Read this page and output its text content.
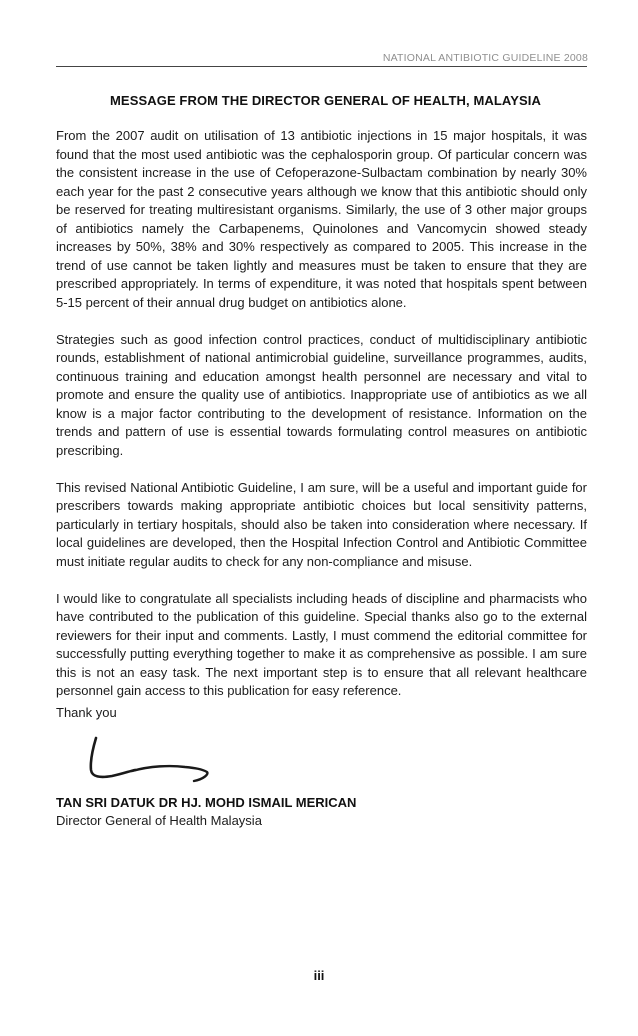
NATIONAL ANTIBIOTIC GUIDELINE 2008
MESSAGE FROM THE DIRECTOR GENERAL OF HEALTH, MALAYSIA

From the 2007 audit on utilisation of 13 antibiotic injections in 15 major hospitals, it was found that the most used antibiotic was the cephalosporin group. Of particular concern was the consistent increase in the use of Cefoperazone-Sulbactam combination by nearly 30% each year for the past 2 consecutive years although we know that this antibiotic should only be reserved for treating multiresistant organisms. Similarly, the use of 3 other major groups of antibiotics namely the Carbapenems, Quinolones and Vancomycin showed steady increases by 50%, 38% and 30% respectively as compared to 2005. This increase in the trend of use cannot be taken lightly and measures must be taken to ensure that they are prescribed appropriately. In terms of expenditure, it was noted that hospitals spent between 5-15 percent of their annual drug budget on antibiotics alone.

Strategies such as good infection control practices, conduct of multidisciplinary antibiotic rounds, establishment of national antimicrobial guideline, surveillance programmes, audits, continuous training and education amongst health personnel are necessary and vital to promote and ensure the quality use of antibiotics. Inappropriate use of antibiotics as we all know is a major factor contributing to the development of resistance. Information on the trends and pattern of use is essential towards formulating control measures on antibiotic prescribing.

This revised National Antibiotic Guideline, I am sure, will be a useful and important guide for prescribers towards making appropriate antibiotic choices but local sensitivity patterns, particularly in tertiary hospitals, should also be taken into consideration where necessary. If local guidelines are developed, then the Hospital Infection Control and Antibiotic Committee must initiate regular audits to check for any non-compliance and misuse.

I would like to congratulate all specialists including heads of discipline and pharmacists who have contributed to the publication of this guideline. Special thanks also go to the external reviewers for their input and comments. Lastly, I must commend the editorial committee for successfully putting everything together to make it as comprehensive as possible. I am sure this is not an easy task. The next important step is to ensure that all relevant healthcare personnel gain access to this publication for easy reference.

Thank you
TAN SRI DATUK DR HJ. MOHD ISMAIL MERICAN
Director General of Health Malaysia
iii
